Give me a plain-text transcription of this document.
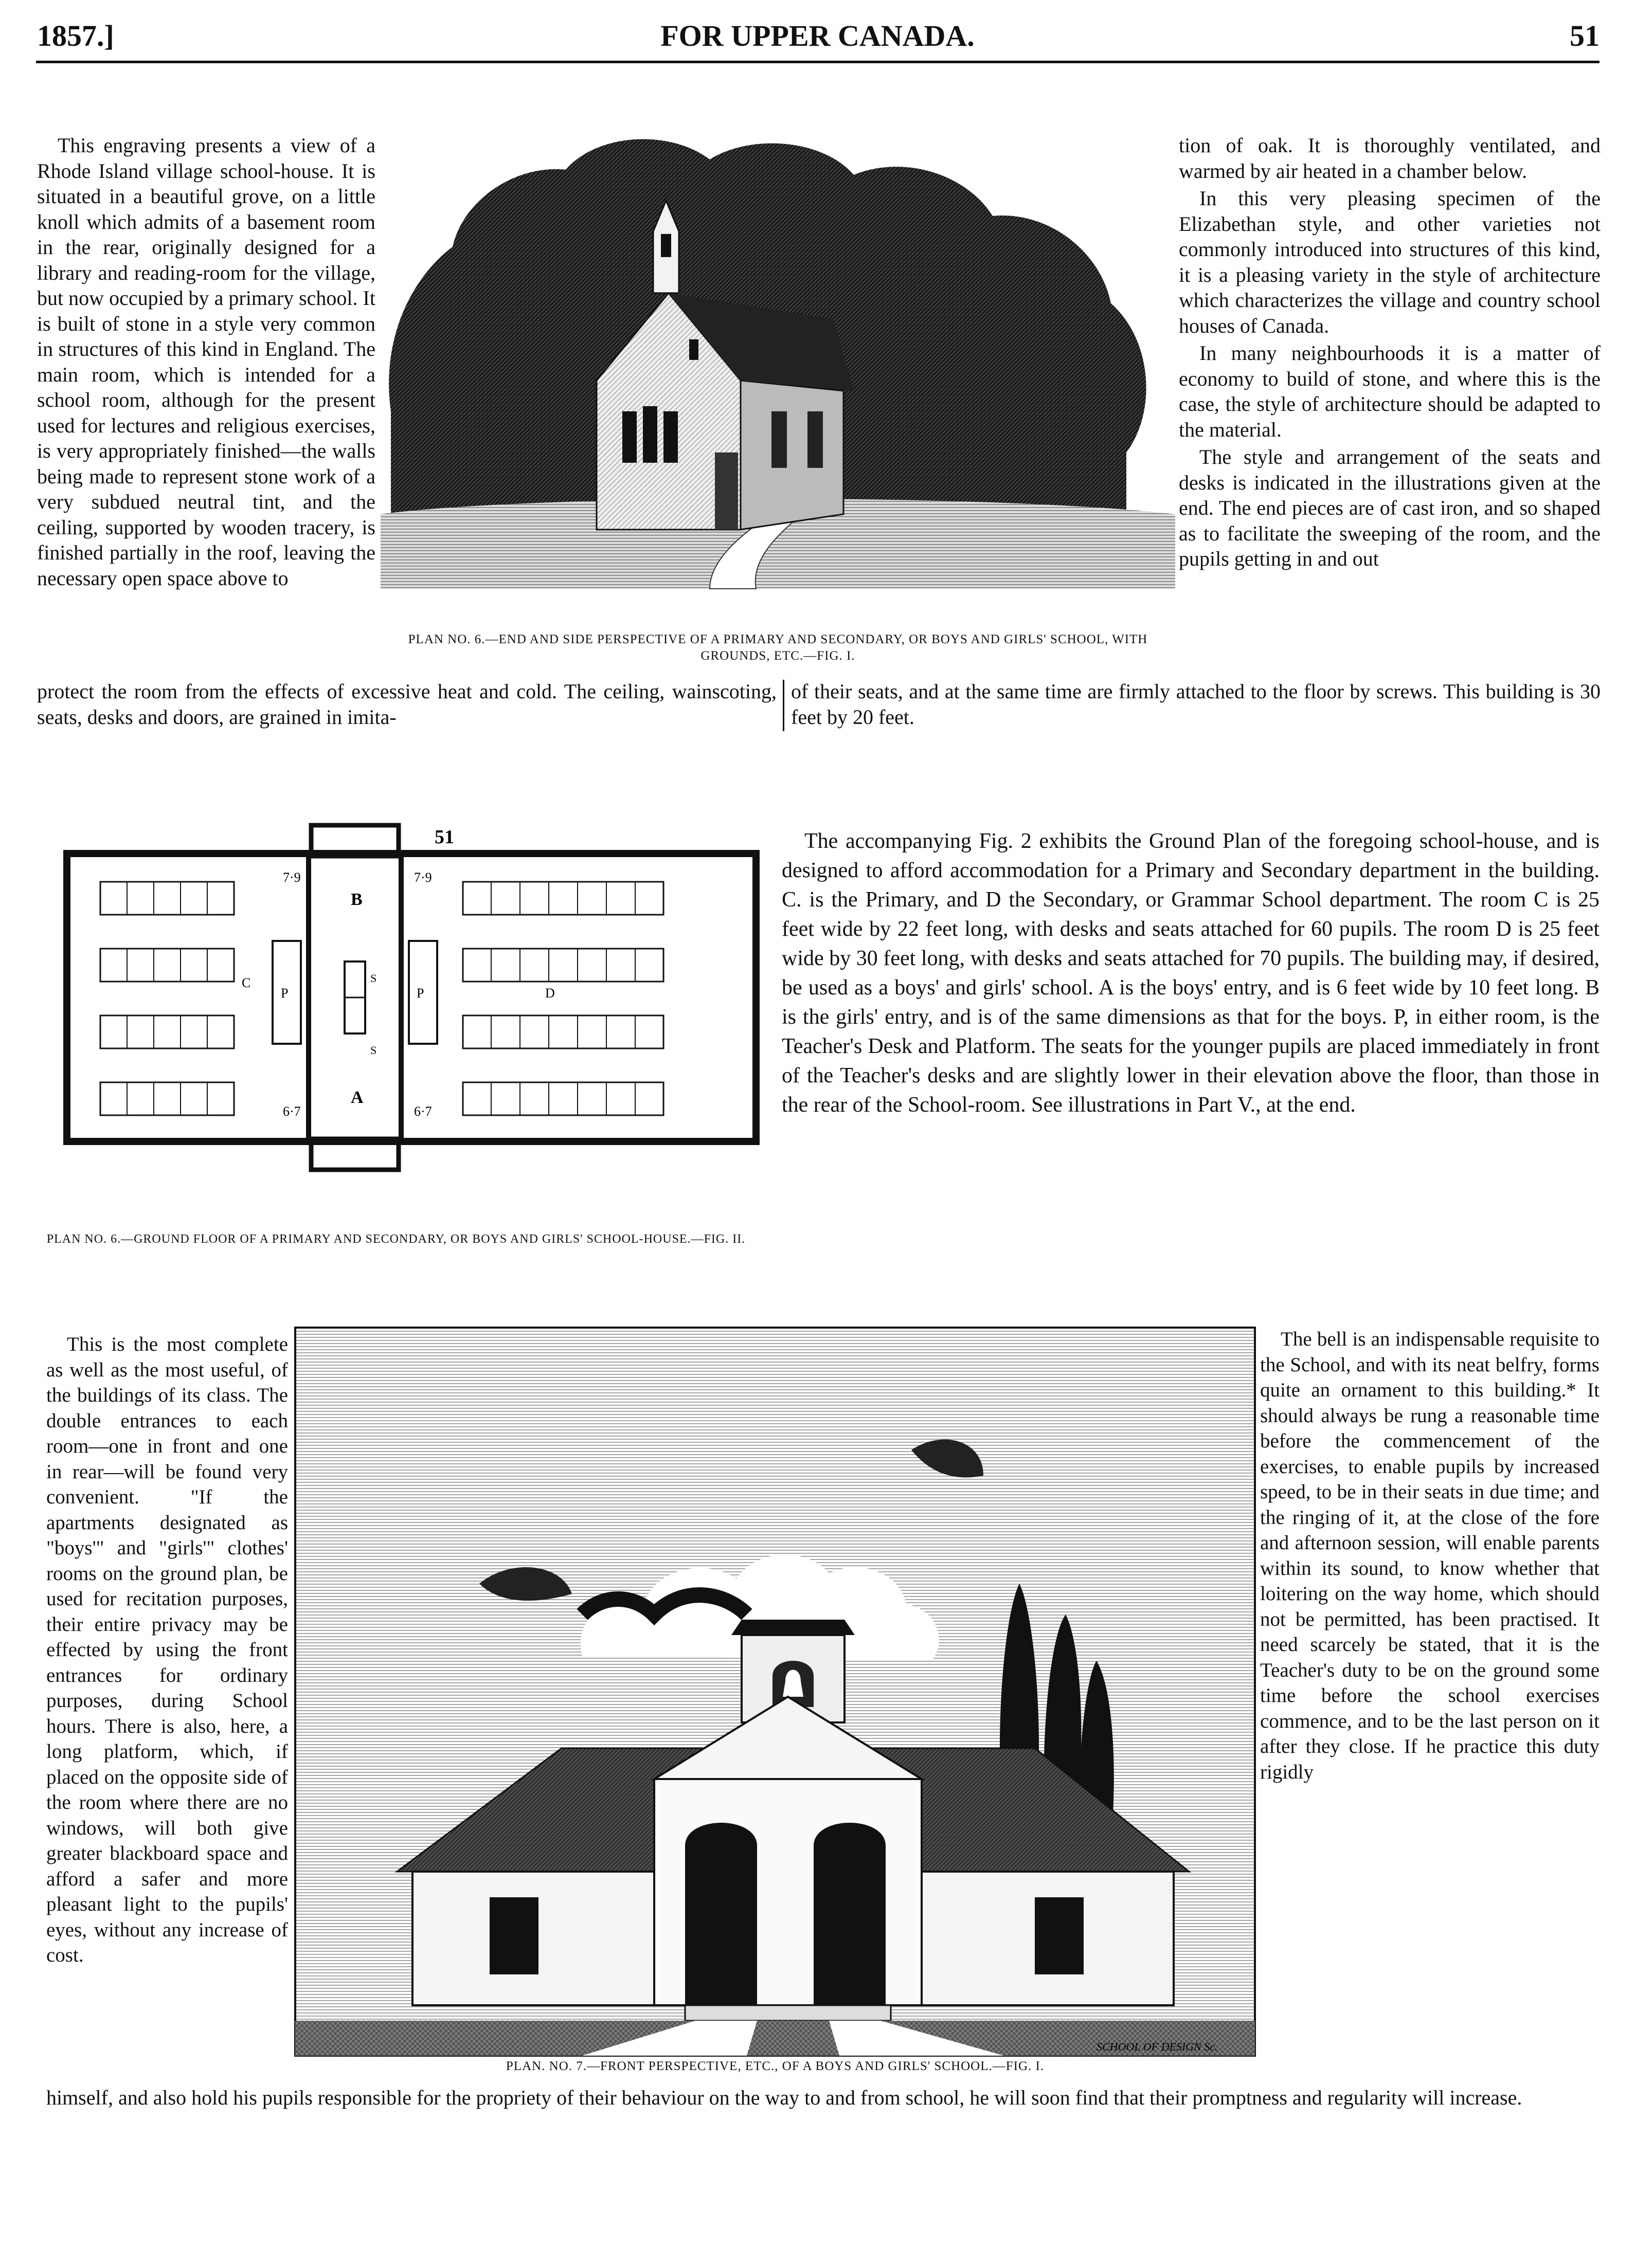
1857.]	FOR UPPER CANADA.	51

This engraving presents a view of a Rhode Island village school-house. It is situated in a beautiful grove, on a little knoll which admits of a basement room in the rear, originally designed for a library and reading-room for the village, but now occupied by a primary school. It is built of stone in a style very common in structures of this kind in England. The main room, which is intended for a school room, although for the present used for lectures and religious exercises, is very appropriately finished—the walls being made to represent stone work of a very subdued neutral tint, and the ceiling, supported by wooden tracery, is finished partially in the roof, leaving the necessary open space above to

PLAN NO. 6.—END AND SIDE PERSPECTIVE OF A PRIMARY AND SECONDARY, OR BOYS AND GIRLS' SCHOOL, WITH GROUNDS, ETC.—FIG. I.

tion of oak. It is thoroughly ventilated, and warmed by air heated in a chamber below.

In this very pleasing specimen of the Elizabethan style, and other varieties not commonly introduced into structures of this kind, it is a pleasing variety in the style of architecture which characterizes the village and country school houses of Canada.

In many neighbourhoods it is a matter of economy to build of stone, and where this is the case, the style of architecture should be adapted to the material.

The style and arrangement of the seats and desks is indicated in the illustrations given at the end. The end pieces are of cast iron, and so shaped as to facilitate the sweeping of the room, and the pupils getting in and out

protect the room from the effects of excessive heat and cold. The ceiling, wainscoting, seats, desks and doors, are grained in imita-

of their seats, and at the same time are firmly attached to the floor by screws. This building is 30 feet by 20 feet.

51
B
A
C
D
P	P
S
S
7·9	7·9
6·7	6·7
PLAN NO. 6.—GROUND FLOOR OF A PRIMARY AND SECONDARY, OR BOYS AND GIRLS' SCHOOL-HOUSE.—FIG. II.

The accompanying Fig. 2 exhibits the Ground Plan of the foregoing school-house, and is designed to afford accommodation for a Primary and Secondary department in the building. C. is the Primary, and D the Secondary, or Grammar School department. The room C is 25 feet wide by 22 feet long, with desks and seats attached for 60 pupils. The room D is 25 feet wide by 30 feet long, with desks and seats attached for 70 pupils. The building may, if desired, be used as a boys' and girls' school. A is the boys' entry, and is 6 feet wide by 10 feet long. B is the girls' entry, and is of the same dimensions as that for the boys. P, in either room, is the Teacher's Desk and Platform. The seats for the younger pupils are placed immediately in front of the Teacher's desks and are slightly lower in their elevation above the floor, than those in the rear of the School-room. See illustrations in Part V., at the end.

This is the most complete as well as the most useful, of the buildings of its class. The double entrances to each room—one in front and one in rear—will be found very convenient. "If the apartments designated as "boys'" and "girls'" clothes' rooms on the ground plan, be used for recitation purposes, their entire privacy may be effected by using the front entrances for ordinary purposes, during School hours. There is also, here, a long platform, which, if placed on the opposite side of the room where there are no windows, will both give greater blackboard space and afford a safer and more pleasant light to the pupils' eyes, without any increase of cost.

SCHOOL OF DESIGN Sc.
PLAN. NO. 7.—FRONT PERSPECTIVE, ETC., OF A BOYS AND GIRLS' SCHOOL.—FIG. I.

The bell is an indispensable requisite to the School, and with its neat belfry, forms quite an ornament to this building.* It should always be rung a reasonable time before the commencement of the exercises, to enable pupils by increased speed, to be in their seats in due time; and the ringing of it, at the close of the fore and afternoon session, will enable parents within its sound, to know whether that loitering on the way home, which should not be permitted, has been practised. It need scarcely be stated, that it is the Teacher's duty to be on the ground some time before the school exercises commence, and to be the last person on it after they close. If he practice this duty rigidly

himself, and also hold his pupils responsible for the propriety of their behaviour on the way to and from school, he will soon find that their promptness and regularity will increase.
